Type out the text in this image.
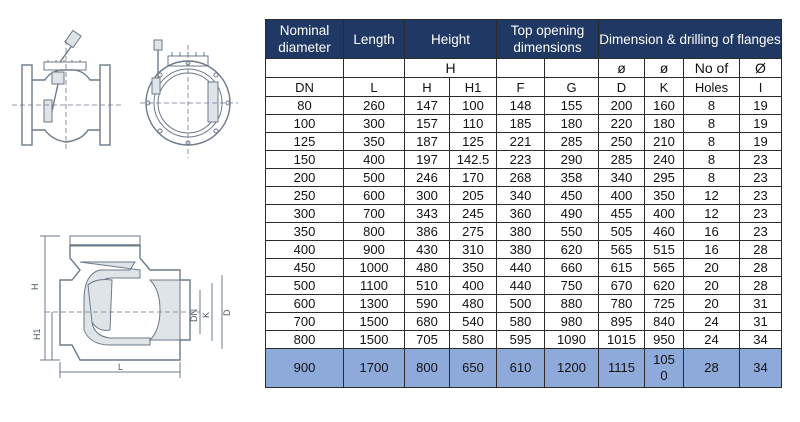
H
H1
L
DN K D
Nominal diameter	Length	Height		Top opening dimensions		Dimension & drilling of flanges			
		H				ø	ø	No of	Ø
DN	L	H	H1	F	G	D	K	Holes	I
80	260	147	100	148	155	200	160	8	19
100	300	157	110	185	180	220	180	8	19
125	350	187	125	221	285	250	210	8	19
150	400	197	142.5	223	290	285	240	8	23
200	500	246	170	268	358	340	295	8	23
250	600	300	205	340	450	400	350	12	23
300	700	343	245	360	490	455	400	12	23
350	800	386	275	380	550	505	460	16	23
400	900	430	310	380	620	565	515	16	28
450	1000	480	350	440	660	615	565	20	28
500	1100	510	400	440	750	670	620	20	28
600	1300	590	480	500	880	780	725	20	31
700	1500	680	540	580	980	895	840	24	31
800	1500	705	580	595	1090	1015	950	24	34
900	1700	800	650	610	1200	1115	1050	28	34
